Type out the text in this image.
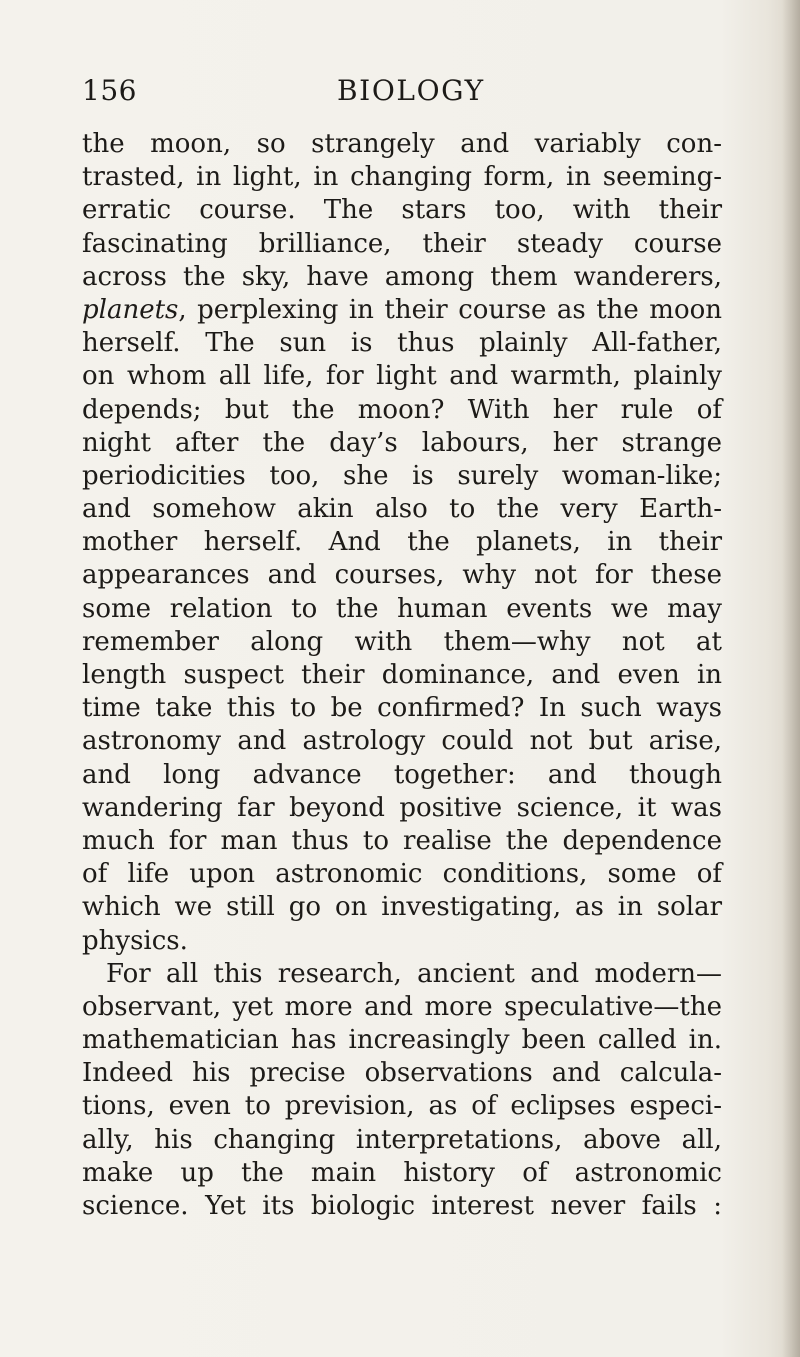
156	BIOLOGY
the moon, so strangely and variably con-
trasted, in light, in changing form, in seeming-
erratic course. The stars too, with their
fascinating brilliance, their steady course
across the sky, have among them wanderers,
planets, perplexing in their course as the moon
herself. The sun is thus plainly All-father,
on whom all life, for light and warmth, plainly
depends; but the moon? With her rule of
night after the day’s labours, her strange
periodicities too, she is surely woman-like;
and somehow akin also to the very Earth-
mother herself. And the planets, in their
appearances and courses, why not for these
some relation to the human events we may
remember along with them—why not at
length suspect their dominance, and even in
time take this to be confirmed? In such ways
astronomy and astrology could not but arise,
and long advance together: and though
wandering far beyond positive science, it was
much for man thus to realise the dependence
of life upon astronomic conditions, some of
which we still go on investigating, as in solar
physics.
For all this research, ancient and modern—
observant, yet more and more speculative—the
mathematician has increasingly been called in.
Indeed his precise observations and calcula-
tions, even to prevision, as of eclipses especi-
ally, his changing interpretations, above all,
make up the main history of astronomic
science. Yet its biologic interest never fails :
